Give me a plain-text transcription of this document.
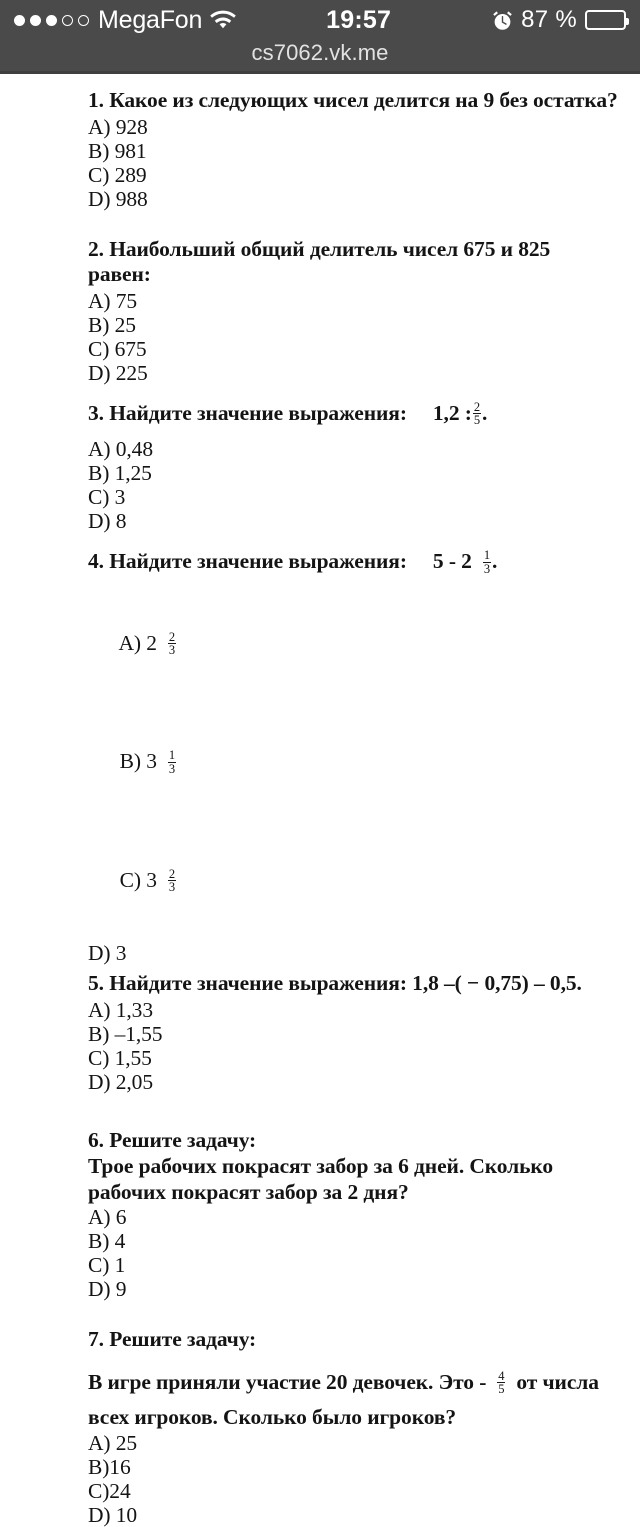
MegaFon	19:57	87 %
cs7062.vk.me
1. Какое из следующих чисел делится на 9 без остатка?
A) 928
B) 981
C) 289
D) 988
2. Наибольший общий делитель чисел 675 и 825 равен:
A) 75
B) 25
C) 675
D) 225
3. Найдите значение выражения: 1,2 : $\frac{2}{5}$ .
A) 0,48
B) 1,25
C) 3
D) 8
4. Найдите значение выражения: $5 - 2 \frac{1}{3}$ .

A) $2 \frac{2}{3}$

B) $3 \frac{1}{3}$

C) $3 \frac{2}{3}$

D) 3
5. Найдите значение выражения: 1,8 –( − 0,75) – 0,5.
A) 1,33
B) –1,55
C) 1,55
D) 2,05
6. Решите задачу:
Трое рабочих покрасят забор за 6 дней. Сколько рабочих покрасят забор за 2 дня?
A) 6
B) 4
C) 1
D) 9
7. Решите задачу:
В игре приняли участие 20 девочек. Это - $\frac{4}{5}$ от числа всех игроков. Сколько было игроков?
A) 25
B)16
C)24
D) 10
